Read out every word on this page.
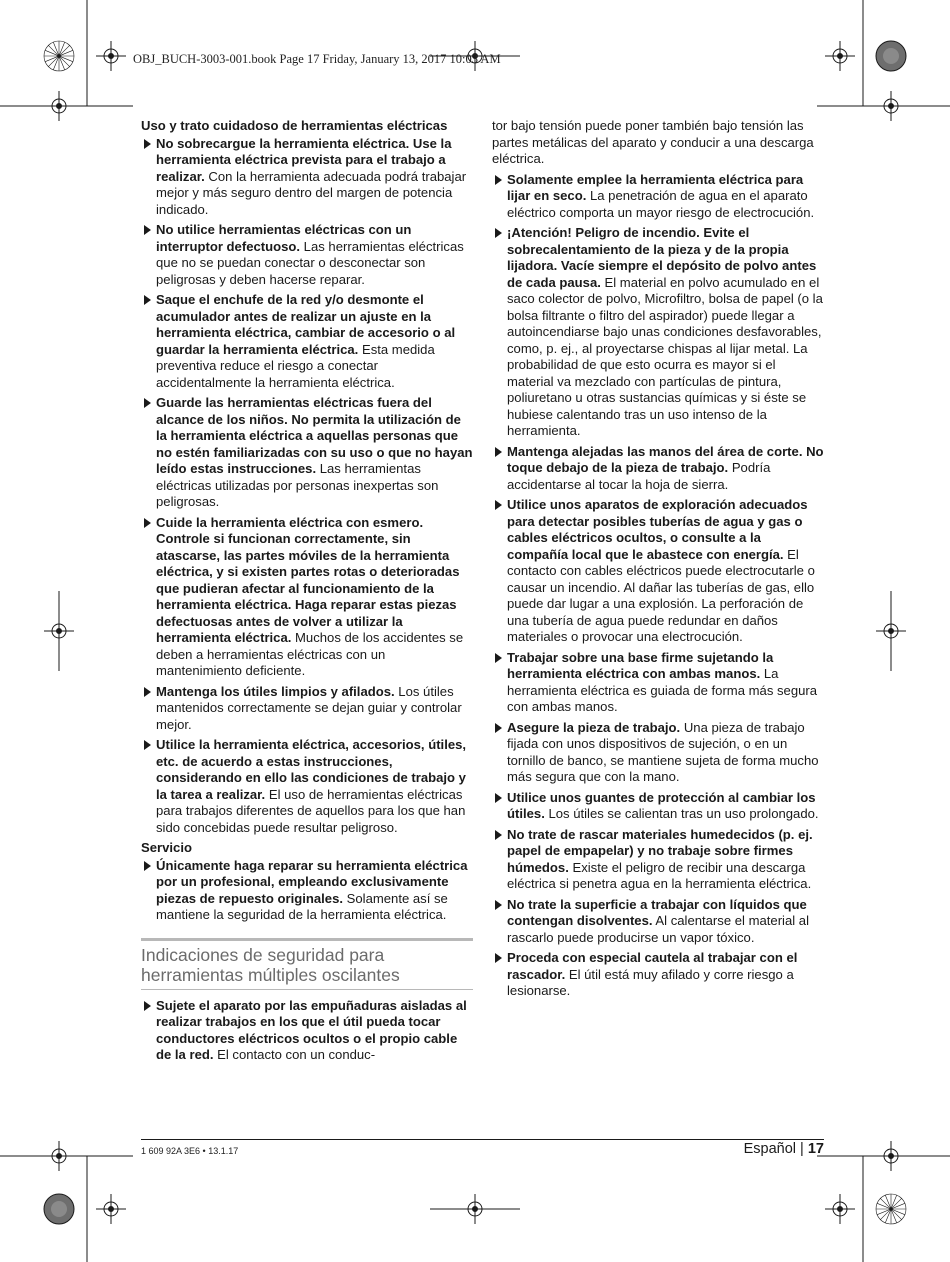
OBJ_BUCH-3003-001.book Page 17 Friday, January 13, 2017 10:03 AM
Uso y trato cuidadoso de herramientas eléctricas
No sobrecargue la herramienta eléctrica. Use la herramienta eléctrica prevista para el trabajo a realizar. Con la herramienta adecuada podrá trabajar mejor y más seguro dentro del margen de potencia indicado.
No utilice herramientas eléctricas con un interruptor defectuoso. Las herramientas eléctricas que no se puedan conectar o desconectar son peligrosas y deben hacerse reparar.
Saque el enchufe de la red y/o desmonte el acumulador antes de realizar un ajuste en la herramienta eléctrica, cambiar de accesorio o al guardar la herramienta eléctrica. Esta medida preventiva reduce el riesgo a conectar accidentalmente la herramienta eléctrica.
Guarde las herramientas eléctricas fuera del alcance de los niños. No permita la utilización de la herramienta eléctrica a aquellas personas que no estén familiarizadas con su uso o que no hayan leído estas instrucciones. Las herramientas eléctricas utilizadas por personas inexpertas son peligrosas.
Cuide la herramienta eléctrica con esmero. Controle si funcionan correctamente, sin atascarse, las partes móviles de la herramienta eléctrica, y si existen partes rotas o deterioradas que pudieran afectar al funcionamiento de la herramienta eléctrica. Haga reparar estas piezas defectuosas antes de volver a utilizar la herramienta eléctrica. Muchos de los accidentes se deben a herramientas eléctricas con un mantenimiento deficiente.
Mantenga los útiles limpios y afilados. Los útiles mantenidos correctamente se dejan guiar y controlar mejor.
Utilice la herramienta eléctrica, accesorios, útiles, etc. de acuerdo a estas instrucciones, considerando en ello las condiciones de trabajo y la tarea a realizar. El uso de herramientas eléctricas para trabajos diferentes de aquellos para los que han sido concebidas puede resultar peligroso.
Servicio
Únicamente haga reparar su herramienta eléctrica por un profesional, empleando exclusivamente piezas de repuesto originales. Solamente así se mantiene la seguridad de la herramienta eléctrica.
Indicaciones de seguridad para
herramientas múltiples oscilantes
Sujete el aparato por las empuñaduras aisladas al realizar trabajos en los que el útil pueda tocar conductores eléctricos ocultos o el propio cable de la red. El contacto con un conduc-
tor bajo tensión puede poner también bajo tensión las partes metálicas del aparato y conducir a una descarga eléctrica.
Solamente emplee la herramienta eléctrica para lijar en seco. La penetración de agua en el aparato eléctrico comporta un mayor riesgo de electrocución.
¡Atención! Peligro de incendio. Evite el sobrecalentamiento de la pieza y de la propia lijadora. Vacíe siempre el depósito de polvo antes de cada pausa. El material en polvo acumulado en el saco colector de polvo, Microfiltro, bolsa de papel (o la bolsa filtrante o filtro del aspirador) puede llegar a autoincendiarse bajo unas condiciones desfavorables, como, p. ej., al proyectarse chispas al lijar metal. La probabilidad de que esto ocurra es mayor si el material va mezclado con partículas de pintura, poliuretano u otras sustancias químicas y si éste se hubiese calentando tras un uso intenso de la herramienta.
Mantenga alejadas las manos del área de corte. No toque debajo de la pieza de trabajo. Podría accidentarse al tocar la hoja de sierra.
Utilice unos aparatos de exploración adecuados para detectar posibles tuberías de agua y gas o cables eléctricos ocultos, o consulte a la compañía local que le abastece con energía. El contacto con cables eléctricos puede electrocutarle o causar un incendio. Al dañar las tuberías de gas, ello puede dar lugar a una explosión. La perforación de una tubería de agua puede redundar en daños materiales o provocar una electrocución.
Trabajar sobre una base firme sujetando la herramienta eléctrica con ambas manos. La herramienta eléctrica es guiada de forma más segura con ambas manos.
Asegure la pieza de trabajo. Una pieza de trabajo fijada con unos dispositivos de sujeción, o en un tornillo de banco, se mantiene sujeta de forma mucho más segura que con la mano.
Utilice unos guantes de protección al cambiar los útiles. Los útiles se calientan tras un uso prolongado.
No trate de rascar materiales humedecidos (p. ej. papel de empapelar) y no trabaje sobre firmes húmedos. Existe el peligro de recibir una descarga eléctrica si penetra agua en la herramienta eléctrica.
No trate la superficie a trabajar con líquidos que contengan disolventes. Al calentarse el material al rascarlo puede producirse un vapor tóxico.
Proceda con especial cautela al trabajar con el rascador. El útil está muy afilado y corre riesgo a lesionarse.
1 609 92A 3E6 • 13.1.17	Español | 17
